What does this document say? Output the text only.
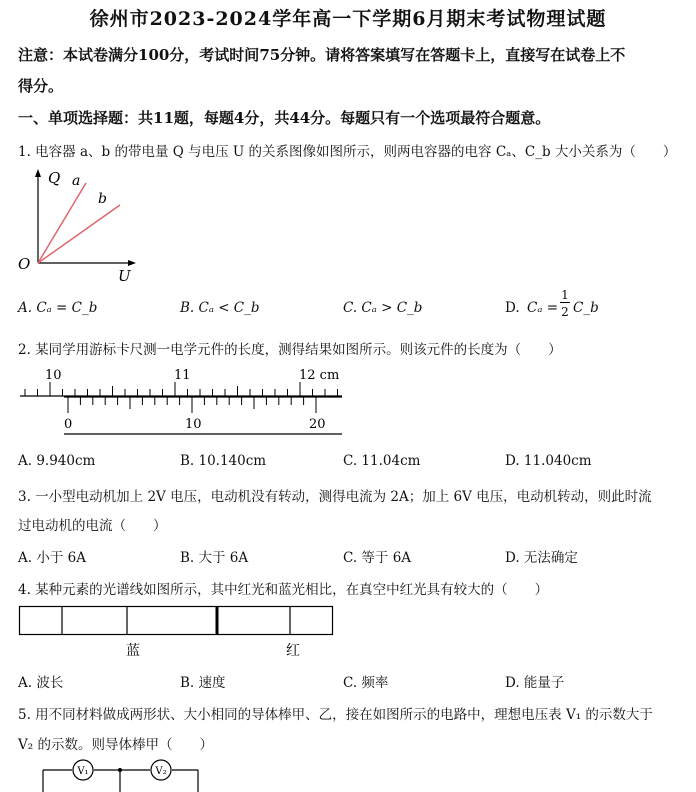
徐州市2023-2024学年高一下学期6月期末考试物理试题
注意：本试卷满分100分，考试时间75分钟。请将答案填写在答题卡上，直接写在试卷上不
得分。
一、单项选择题：共11题，每题4分，共44分。每题只有一个选项最符合题意。
1. 电容器 a、b 的带电量 Q 与电压 U 的关系图像如图所示，则两电容器的电容 Cₐ、C_b 大小关系为（　　）
Q a
b
O
U
A. Cₐ = C_b	B. Cₐ < C_b	C. Cₐ > C_b	D. Cₐ =
1
2 C_b
2. 某同学用游标卡尺测一电学元件的长度，测得结果如图所示。则该元件的长度为（　　）
10	11	12 cm
0	10	20
A. 9.940cm	B. 10.140cm	C. 11.04cm	D. 11.040cm
3. 一小型电动机加上 2V 电压，电动机没有转动，测得电流为 2A；加上 6V 电压，电动机转动，则此时流
过电动机的电流（　　）
A. 小于 6A	B. 大于 6A	C. 等于 6A	D. 无法确定
4. 某种元素的光谱线如图所示，其中红光和蓝光相比，在真空中红光具有较大的（　　）
蓝	红
A. 波长	B. 速度	C. 频率	D. 能量子
5. 用不同材料做成两形状、大小相同的导体棒甲、乙，接在如图所示的电路中，理想电压表 V₁ 的示数大于
V₂ 的示数。则导体棒甲（　　）
V₁	V₂
